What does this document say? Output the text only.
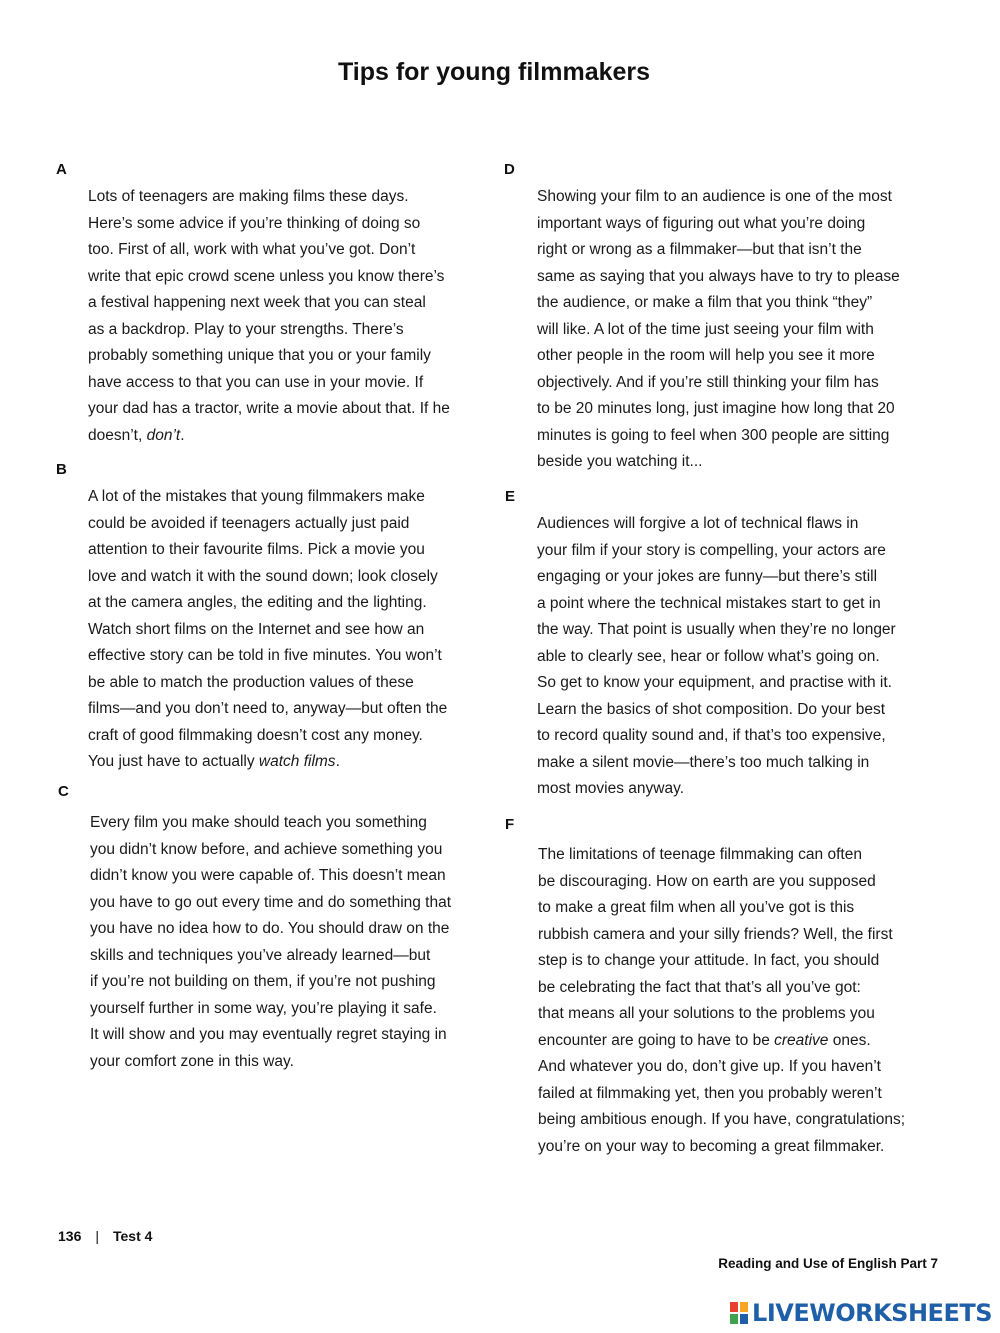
Tips for young filmmakers
A
Lots of teenagers are making films these days.
Here’s some advice if you’re thinking of doing so
too. First of all, work with what you’ve got. Don’t
write that epic crowd scene unless you know there’s
a festival happening next week that you can steal
as a backdrop. Play to your strengths. There’s
probably something unique that you or your family
have access to that you can use in your movie. If
your dad has a tractor, write a movie about that. If he
doesn’t, don’t.
B
A lot of the mistakes that young filmmakers make
could be avoided if teenagers actually just paid
attention to their favourite films. Pick a movie you
love and watch it with the sound down; look closely
at the camera angles, the editing and the lighting.
Watch short films on the Internet and see how an
effective story can be told in five minutes. You won’t
be able to match the production values of these
films—and you don’t need to, anyway—but often the
craft of good filmmaking doesn’t cost any money.
You just have to actually watch films.
C
Every film you make should teach you something
you didn’t know before, and achieve something you
didn’t know you were capable of. This doesn’t mean
you have to go out every time and do something that
you have no idea how to do. You should draw on the
skills and techniques you’ve already learned—but
if you’re not building on them, if you’re not pushing
yourself further in some way, you’re playing it safe.
It will show and you may eventually regret staying in
your comfort zone in this way.
D
Showing your film to an audience is one of the most
important ways of figuring out what you’re doing
right or wrong as a filmmaker—but that isn’t the
same as saying that you always have to try to please
the audience, or make a film that you think “they”
will like. A lot of the time just seeing your film with
other people in the room will help you see it more
objectively. And if you’re still thinking your film has
to be 20 minutes long, just imagine how long that 20
minutes is going to feel when 300 people are sitting
beside you watching it...
E
Audiences will forgive a lot of technical flaws in
your film if your story is compelling, your actors are
engaging or your jokes are funny—but there’s still
a point where the technical mistakes start to get in
the way. That point is usually when they’re no longer
able to clearly see, hear or follow what’s going on.
So get to know your equipment, and practise with it.
Learn the basics of shot composition. Do your best
to record quality sound and, if that’s too expensive,
make a silent movie—there’s too much talking in
most movies anyway.
F
The limitations of teenage filmmaking can often
be discouraging. How on earth are you supposed
to make a great film when all you’ve got is this
rubbish camera and your silly friends? Well, the first
step is to change your attitude. In fact, you should
be celebrating the fact that that’s all you’ve got:
that means all your solutions to the problems you
encounter are going to have to be creative ones.
And whatever you do, don’t give up. If you haven’t
failed at filmmaking yet, then you probably weren’t
being ambitious enough. If you have, congratulations;
you’re on your way to becoming a great filmmaker.
136 | Test 4
Reading and Use of English Part 7
LIVEWORKSHEETS
